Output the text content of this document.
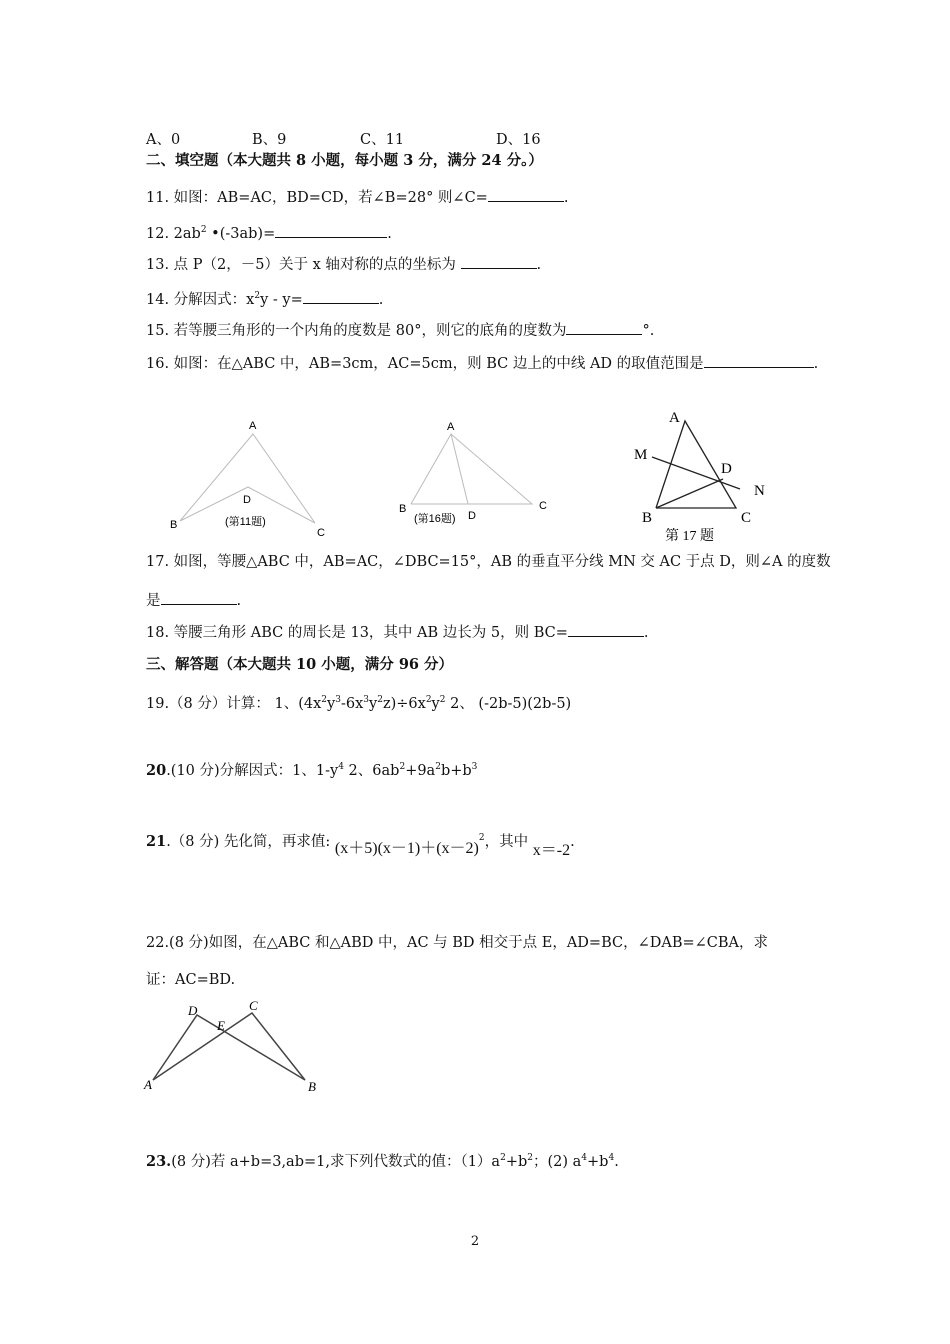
A、0	B、9	C、11	D、16
二、填空题（本大题共 8 小题，每小题 3 分，满分 24 分。）
11. 如图：AB=AC，BD=CD，若∠B=28° 则∠C=	.
12. $2ab^2$ •(-3ab)=	.
13. 点 P（2，－5）关于 x 轴对称的点的坐标为	.
14. 分解因式：$x^2y - y=$	.
15. 若等腰三角形的一个内角的度数是 80°，则它的底角的度数为	°.
16. 如图：在△ABC 中，AB=3cm，AC=5cm，则 BC 边上的中线 AD 的取值范围是	.
A
B
C
D
(第11题)
A
B	C
D
(第16题)
A
M
D
N
B	C
第 17 题
17. 如图，等腰△ABC 中，AB=AC，∠DBC=15°，AB 的垂直平分线 MN 交 AC 于点 D，则∠A 的度数
是	.
18. 等腰三角形 ABC 的周长是 13，其中 AB 边长为 5，则 BC=	.
三、解答题（本大题共 10 小题，满分 96 分）
19.（8 分）计算： 1、$(4x^2y^3-6x^3y^2z)\div 6x^2y^2$ 2、 (-2b-5)(2b-5)
20.(10 分)分解因式：1、$1-y^4$ 2、$6ab^2+9a^2b+b^3$
21.（8 分) 先化简，再求值: $(x+5)(x-1)+(x-2)^2$，其中 x＝-2.
22.(8 分)如图，在△ABC 和△ABD 中，AC 与 BD 相交于点 E，AD=BC，∠DAB=∠CBA，求
证：AC=BD.
D	C
E
A	B
23.(8 分)若 a+b=3,ab=1,求下列代数式的值：$(1)a^2+b^2$；(2) $a^4+b^4$.
2
